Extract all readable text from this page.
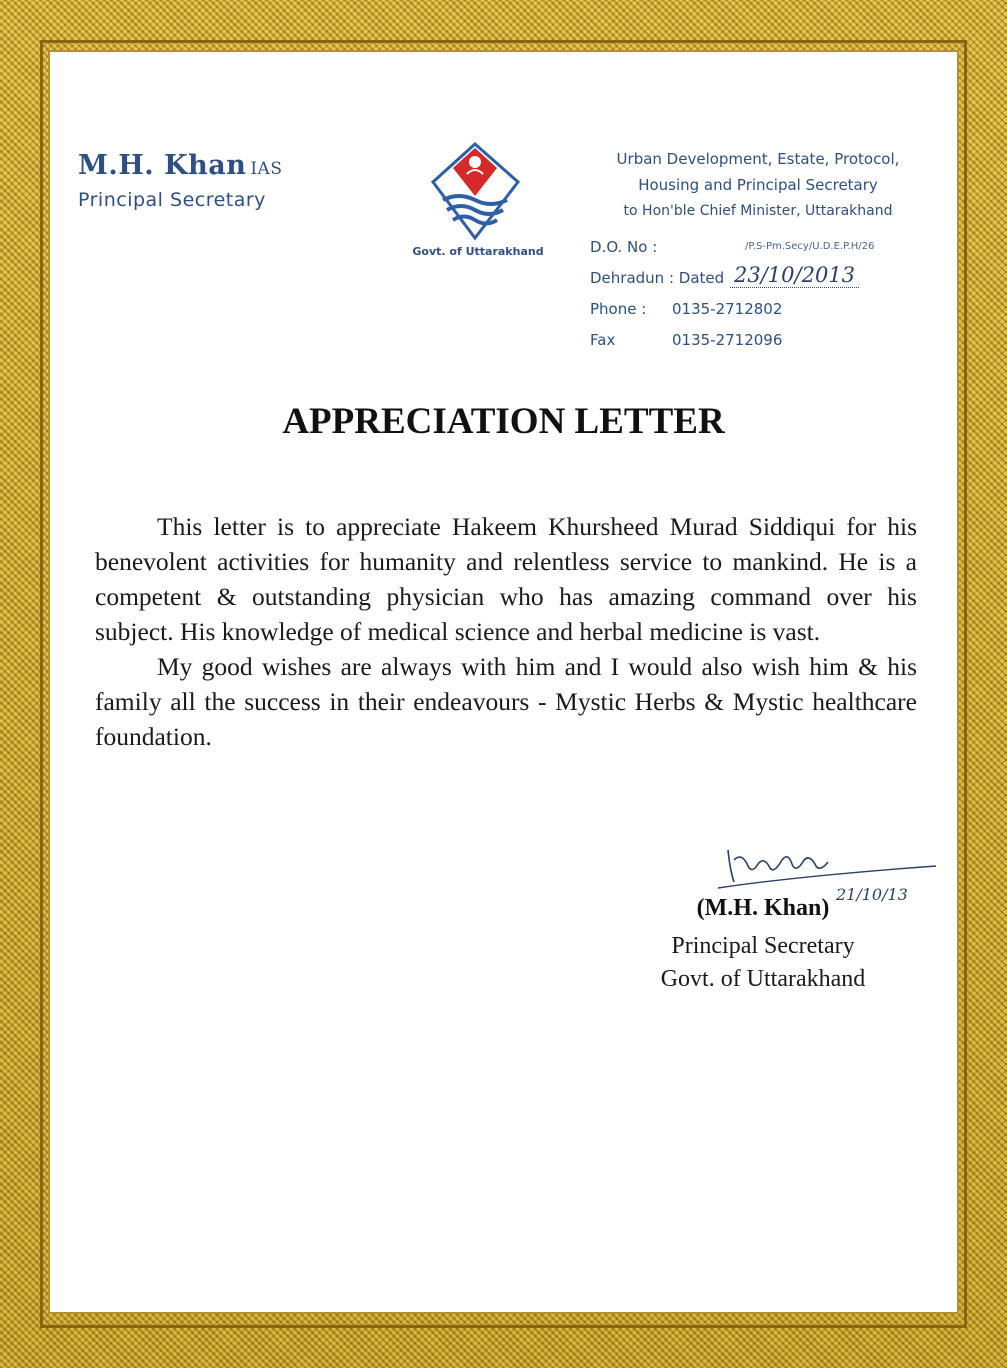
M.H. Khan IAS
Principal Secretary
Govt. of Uttarakhand
Urban Development, Estate, Protocol,
Housing and Principal Secretary
to Hon'ble Chief Minister, Uttarakhand
D.O. No :	/P.S-Pm.Secy/U.D.E.P.H/26
Dehradun : Dated 23/10/2013
Phone : 0135-2712802
Fax	0135-2712096
APPRECIATION LETTER

This letter is to appreciate Hakeem Khursheed Murad Siddiqui for his benevolent activities for humanity and relentless service to mankind. He is a competent & outstanding physician who has amazing command over his subject. His knowledge of medical science and herbal medicine is vast.

My good wishes are always with him and I would also wish him & his family all the success in their endeavours - Mystic Herbs & Mystic healthcare foundation.

21/10/13
(M.H. Khan)
Principal Secretary
Govt. of Uttarakhand
